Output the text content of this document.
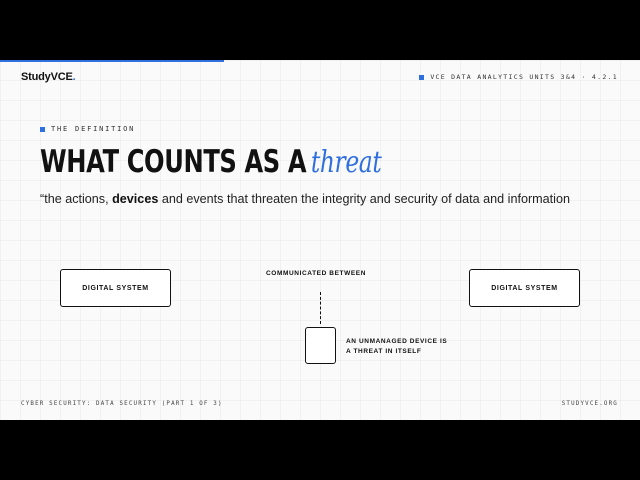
StudyVCE.	VCE DATA ANALYTICS UNITS 3&4 · 4.2.1
THE DEFINITION
WHAT COUNTS AS A threat
“the actions, devices and events that threaten the integrity and security of data and information
DIGITAL SYSTEM
COMMUNICATED BETWEEN
AN UNMANAGED DEVICE IS
A THREAT IN ITSELF
DIGITAL SYSTEM
CYBER SECURITY: DATA SECURITY (PART 1 OF 3)	STUDYVCE.ORG
